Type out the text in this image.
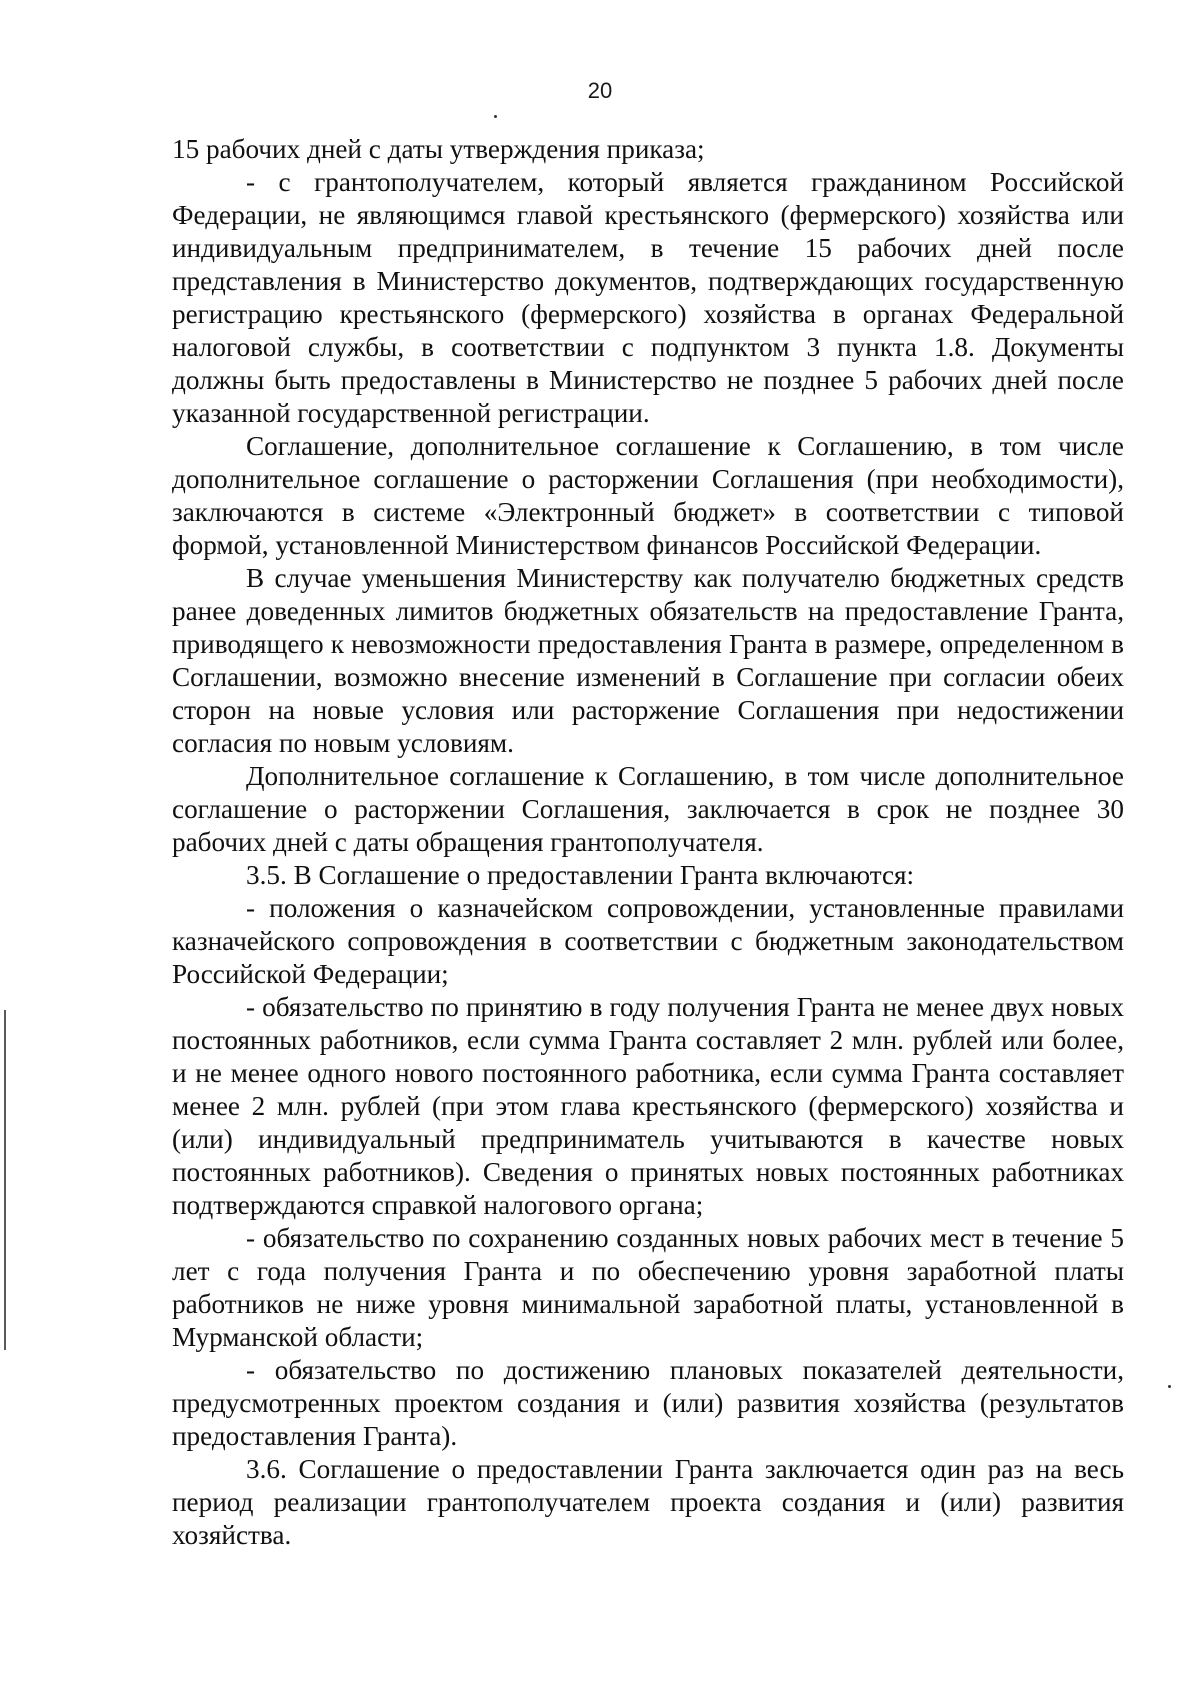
20

15 рабочих дней с даты утверждения приказа;

- с грантополучателем, который является гражданином Российской Федерации, не являющимся главой крестьянского (фермерского) хозяйства или индивидуальным предпринимателем, в течение 15 рабочих дней после представления в Министерство документов, подтверждающих государственную регистрацию крестьянского (фермерского) хозяйства в органах Федеральной налоговой службы, в соответствии с подпунктом 3 пункта 1.8. Документы должны быть предоставлены в Министерство не позднее 5 рабочих дней после указанной государственной регистрации.

Соглашение, дополнительное соглашение к Соглашению, в том числе дополнительное соглашение о расторжении Соглашения (при необходимости), заключаются в системе «Электронный бюджет» в соответствии с типовой формой, установленной Министерством финансов Российской Федерации.

В случае уменьшения Министерству как получателю бюджетных средств ранее доведенных лимитов бюджетных обязательств на предоставление Гранта, приводящего к невозможности предоставления Гранта в размере, определенном в Соглашении, возможно внесение изменений в Соглашение при согласии обеих сторон на новые условия или расторжение Соглашения при недостижении согласия по новым условиям.

Дополнительное соглашение к Соглашению, в том числе дополнительное соглашение о расторжении Соглашения, заключается в срок не позднее 30 рабочих дней с даты обращения грантополучателя.

3.5. В Соглашение о предоставлении Гранта включаются:

- положения о казначейском сопровождении, установленные правилами казначейского сопровождения в соответствии с бюджетным законодательством Российской Федерации;

- обязательство по принятию в году получения Гранта не менее двух новых постоянных работников, если сумма Гранта составляет 2 млн. рублей или более, и не менее одного нового постоянного работника, если сумма Гранта составляет менее 2 млн. рублей (при этом глава крестьянского (фермерского) хозяйства и (или) индивидуальный предприниматель учитываются в качестве новых постоянных работников). Сведения о принятых новых постоянных работниках подтверждаются справкой налогового органа;

- обязательство по сохранению созданных новых рабочих мест в течение 5 лет с года получения Гранта и по обеспечению уровня заработной платы работников не ниже уровня минимальной заработной платы, установленной в Мурманской области;

- обязательство по достижению плановых показателей деятельности, предусмотренных проектом создания и (или) развития хозяйства (результатов предоставления Гранта).

3.6. Соглашение о предоставлении Гранта заключается один раз на весь период реализации грантополучателем проекта создания и (или) развития хозяйства.
